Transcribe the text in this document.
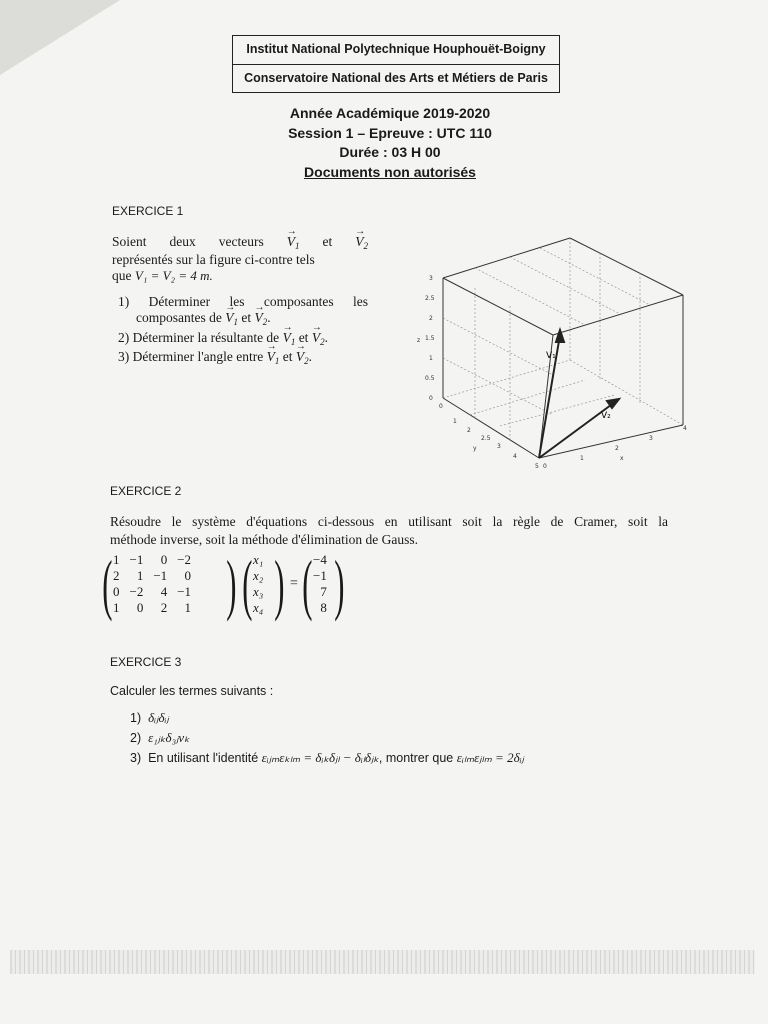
Institut National Polytechnique Houphouët-Boigny
Conservatoire National des Arts et Métiers de Paris
Année Académique 2019-2020
Session 1 – Epreuve : UTC 110
Durée : 03 H 00
Documents non autorisés
EXERCICE 1
Soient deux vecteurs → $V_1$ et → $V_2$
représentés sur la figure ci-contre tels
que V₁ = V₂ = 4 m.
1) Déterminer les composantes les
composantes de → $V_1$ et → $V_2$.
2) Déterminer la résultante de → $V_1$ et → $V_2$.
3) Déterminer l'angle entre → $V_1$ et → $V_2$.	V₁
V₂
3
2.5
2
1.5
1
0.5
0
z
0
1
2
2.5
3
4
5
y
0
1
2
3
4
x
EXERCICE 2
Résoudre le système d'équations ci-dessous en utilisant soit la règle de Cramer, soit la
méthode inverse, soit la méthode d'élimination de Gauss.
( 1	−1	0	−2
2	1	−1	0
0	−2	4	−1
1	0	2	1 ) ( x₁
x₂
x₃
x₄ ) = ( −4
−1
7
8 )
EXERCICE 3
Calculer les termes suivants :
1) δᵢⱼδᵢⱼ
2) ε₁ⱼₖδ₃ⱼvₖ
3) En utilisant l'identité εᵢⱼₘεₖₗₘ = δᵢₖδⱼₗ − δᵢₗδⱼₖ, montrer que εᵢₗₘεⱼₗₘ = 2δᵢⱼ
